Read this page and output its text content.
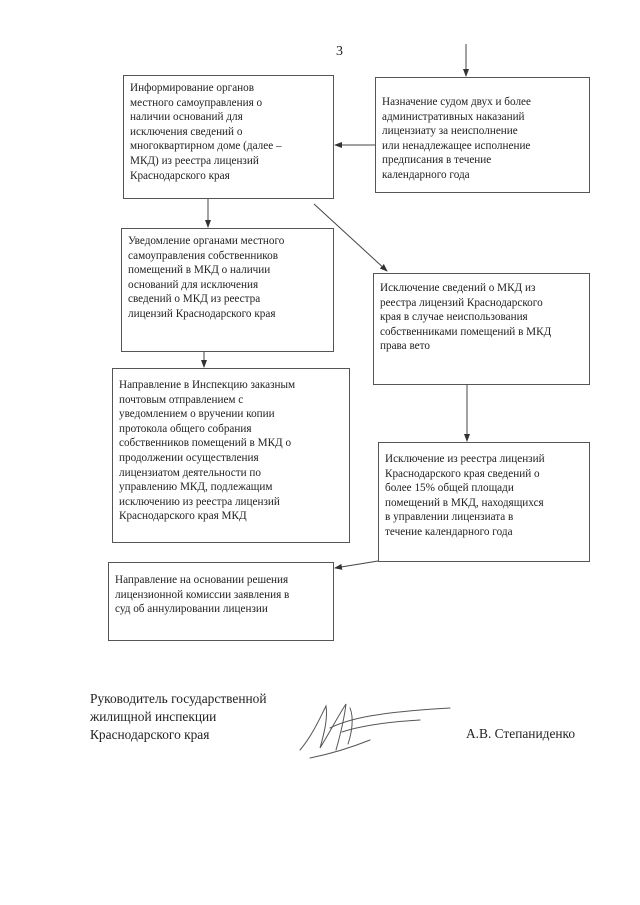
3
Информирование органов
местного самоуправления о
наличии оснований для
исключения сведений о
многоквартирном доме (далее –
МКД) из реестра лицензий
Краснодарского края
Назначение судом двух и более
административных наказаний
лицензиату за неисполнение
или ненадлежащее исполнение
предписания в течение
календарного года
Уведомление органами местного
самоуправления собственников
помещений в МКД о наличии
оснований для исключения
сведений о МКД из реестра
лицензий Краснодарского края
Исключение сведений о МКД из
реестра лицензий Краснодарского
края в случае неиспользования
собственниками помещений в МКД
права вето
Направление в Инспекцию заказным
почтовым отправлением с
уведомлением о вручении копии
протокола общего собрания
собственников помещений в МКД о
продолжении осуществления
лицензиатом деятельности по
управлению МКД, подлежащим
исключению из реестра лицензий
Краснодарского края МКД
Исключение из реестра лицензий
Краснодарского края сведений о
более 15% общей площади
помещений в МКД, находящихся
в управлении лицензиата в
течение календарного года
Направление на основании решения
лицензионной комиссии заявления в
суд об аннулировании лицензии
Руководитель государственной
жилищной инспекции
Краснодарского края	А.В. Степаниденко
